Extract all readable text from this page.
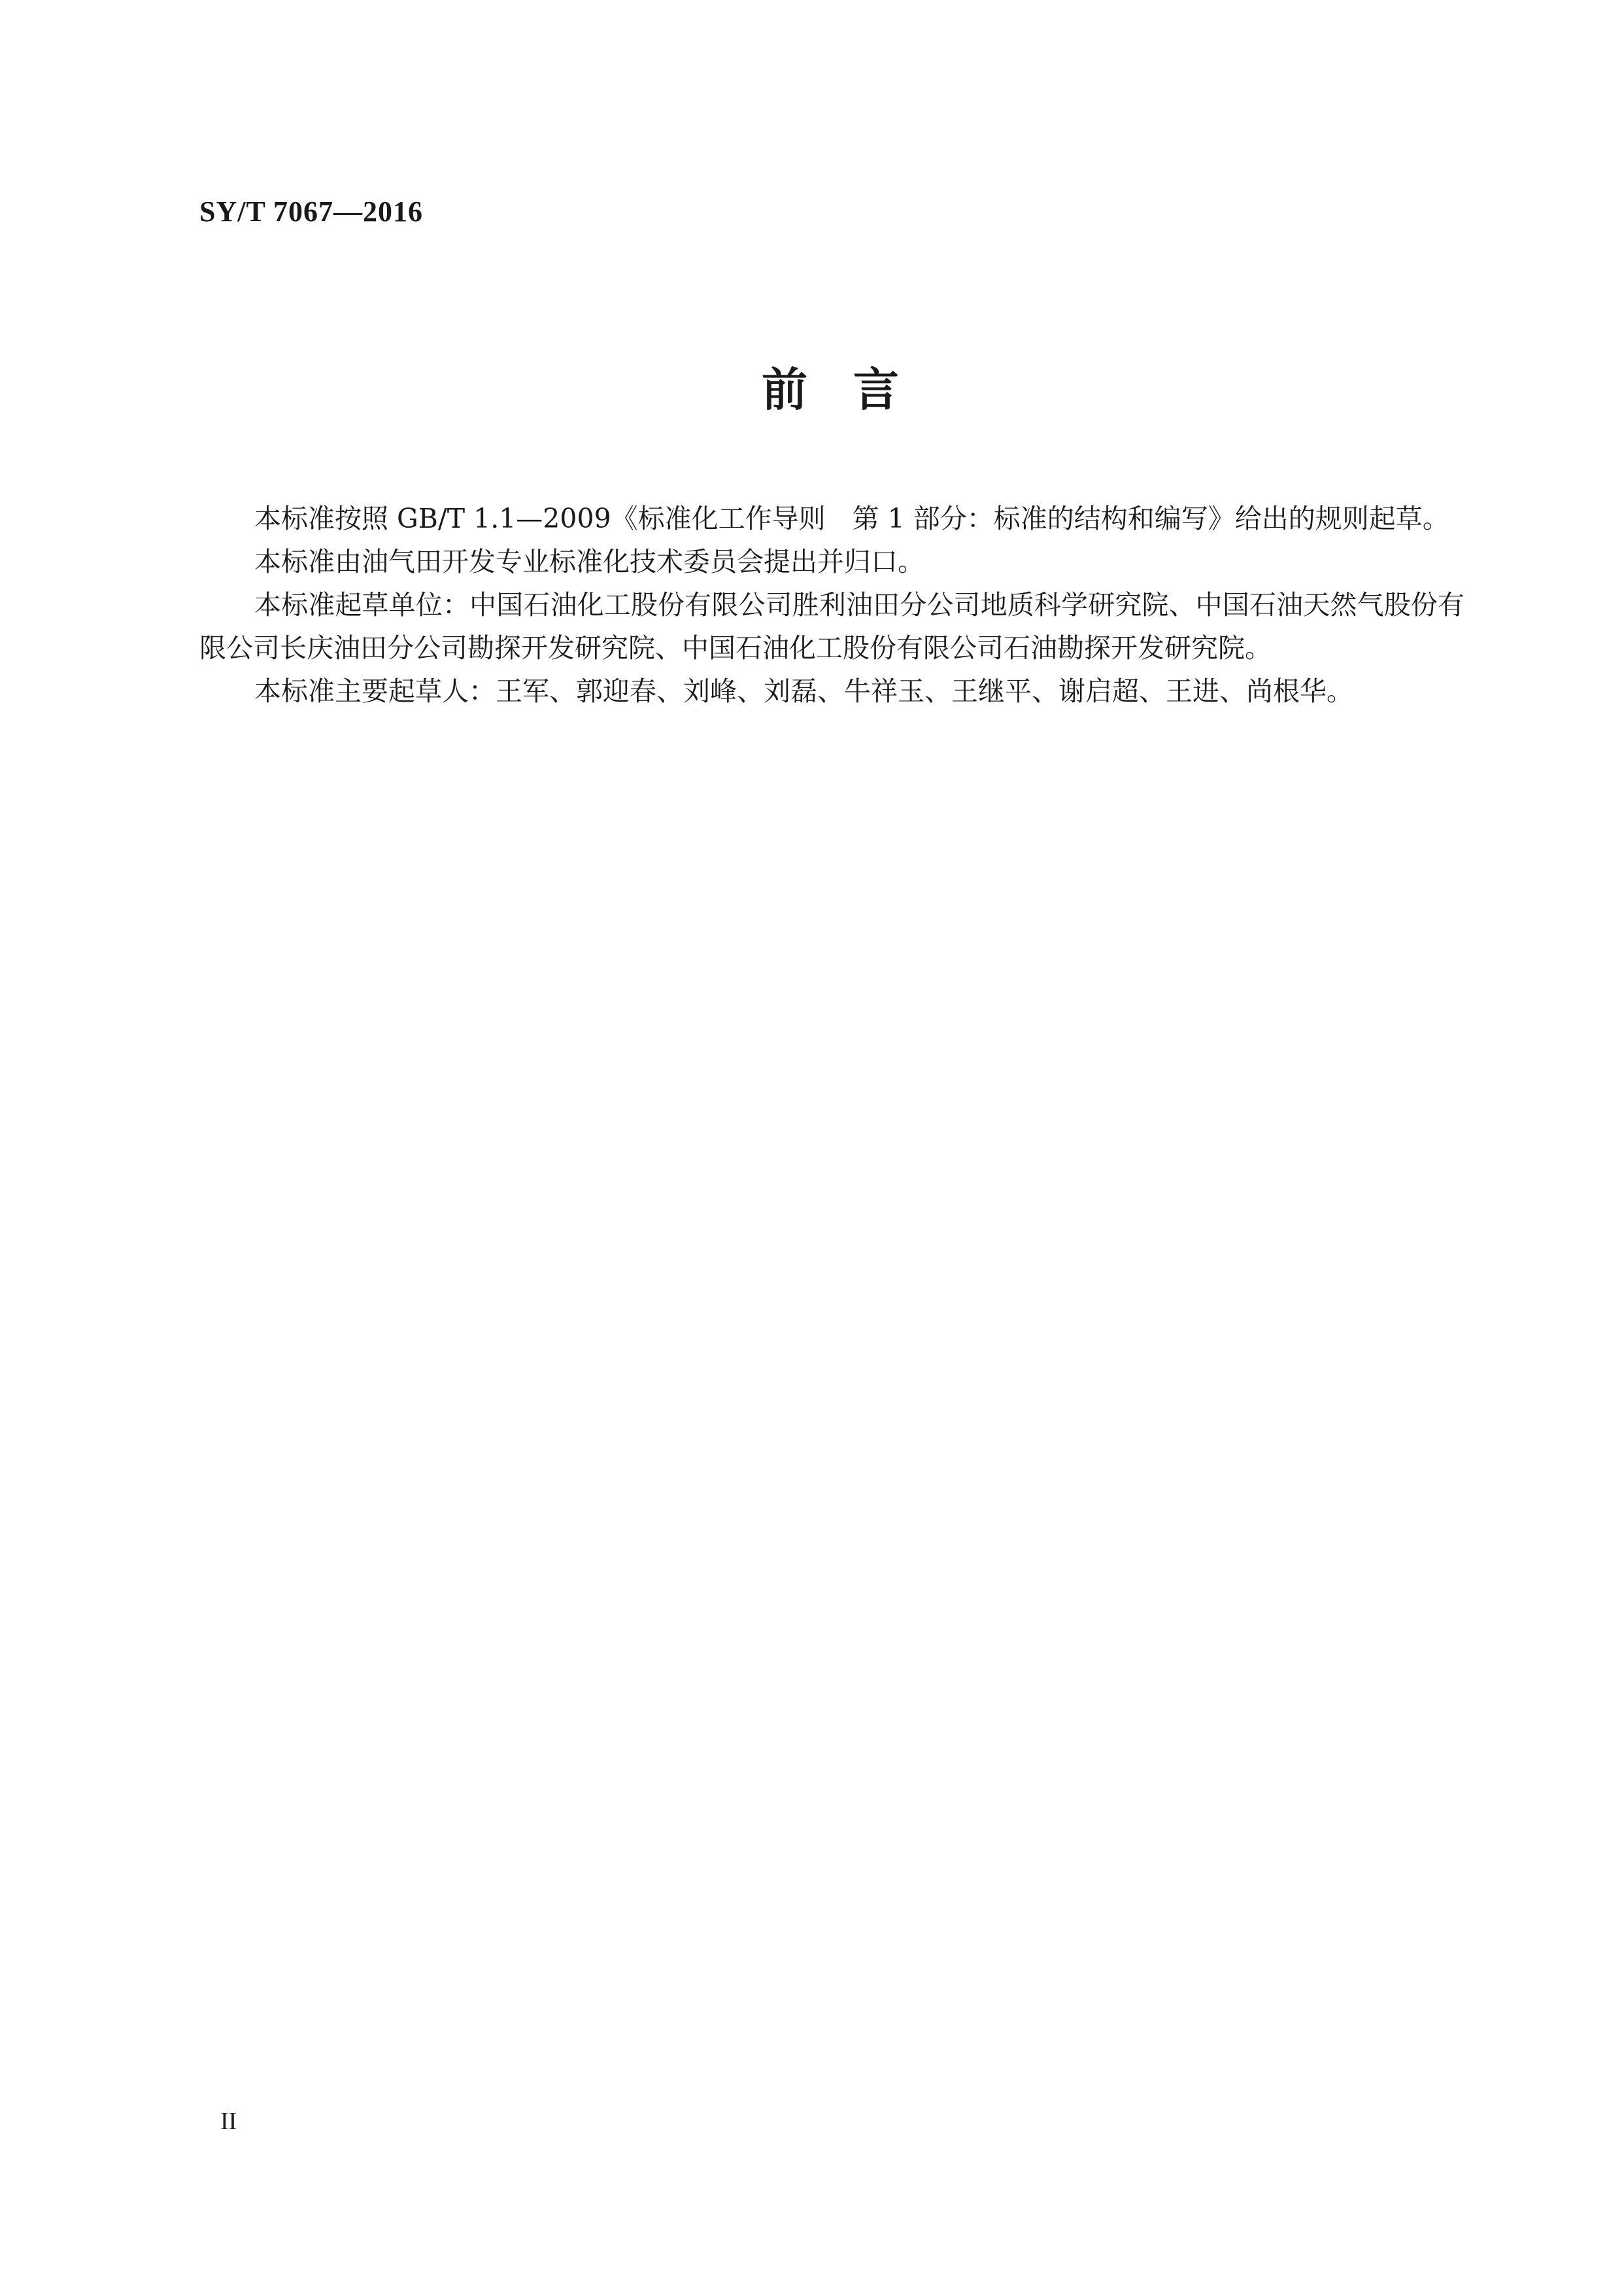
SY/T 7067—2016
前　言

本标准按照 GB/T 1.1—2009《标准化工作导则　第 1 部分：标准的结构和编写》给出的规则起草。

本标准由油气田开发专业标准化技术委员会提出并归口。

本标准起草单位：中国石油化工股份有限公司胜利油田分公司地质科学研究院、中国石油天然气股份有限公司长庆油田分公司勘探开发研究院、中国石油化工股份有限公司石油勘探开发研究院。

本标准主要起草人：王军、郭迎春、刘峰、刘磊、牛祥玉、王继平、谢启超、王进、尚根华。

II
